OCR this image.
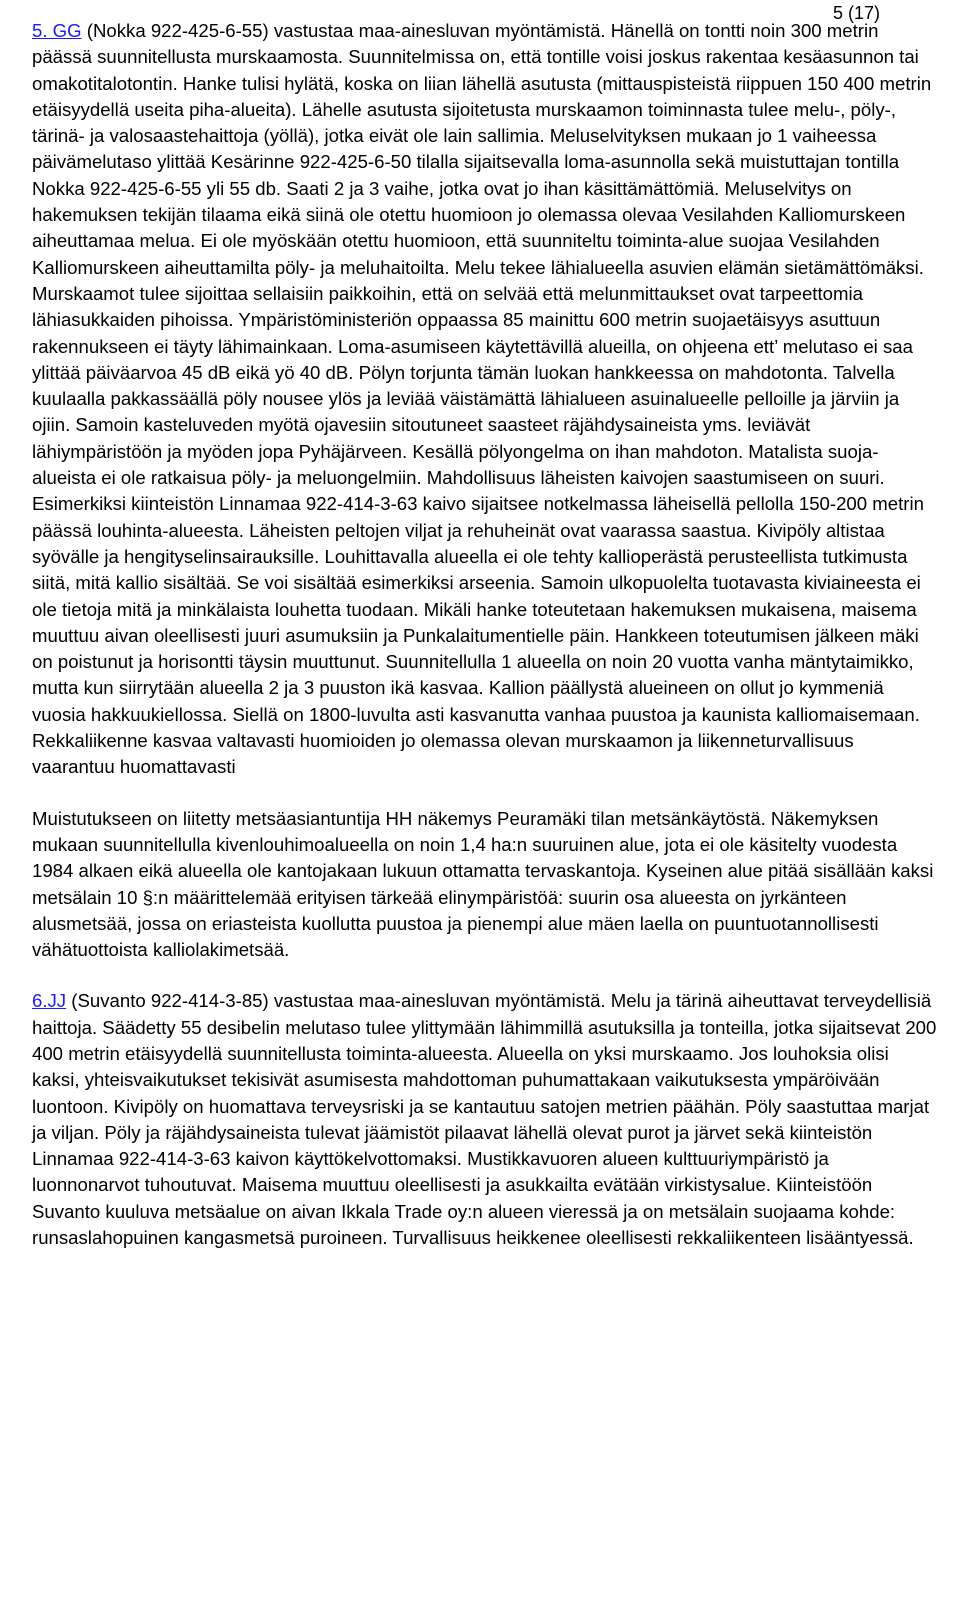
5 (17)

5. GG (Nokka 922-425-6-55) vastustaa maa-ainesluvan myöntämistä. Hänellä on tontti noin 300 metrin päässä suunnitellusta murskaamosta. Suunnitelmissa on, että tontille voisi joskus rakentaa kesäasunnon tai omakotitalotontin. Hanke tulisi hylätä, koska on liian lähellä asutusta (mittauspisteistä riippuen 150 400 metrin etäisyydellä useita piha-alueita). Lähelle asutusta sijoitetusta murskaamon toiminnasta tulee melu-, pöly-, tärinä- ja valosaastehaittoja (yöllä), jotka eivät ole lain sallimia. Meluselvityksen mukaan jo 1 vaiheessa päivämelutaso ylittää Kesärinne 922-425-6-50 tilalla sijaitsevalla loma-asunnolla sekä muistuttajan tontilla Nokka 922-425-6-55 yli 55 db. Saati 2 ja 3 vaihe, jotka ovat jo ihan käsittämättömiä. Meluselvitys on hakemuksen tekijän tilaama eikä siinä ole otettu huomioon jo olemassa olevaa Vesilahden Kalliomurskeen aiheuttamaa melua. Ei ole myöskään otettu huomioon, että suunniteltu toiminta-alue suojaa Vesilahden Kalliomurskeen aiheuttamilta pöly- ja meluhaitoilta. Melu tekee lähialueella asuvien elämän sietämättömäksi. Murskaamot tulee sijoittaa sellaisiin paikkoihin, että on selvää että melunmittaukset ovat tarpeettomia lähiasukkaiden pihoissa. Ympäristöministeriön oppaassa 85 mainittu 600 metrin suojaetäisyys asuttuun rakennukseen ei täyty lähimainkaan. Loma-asumiseen käytettävillä alueilla, on ohjeena ett’ melutaso ei saa ylittää päiväarvoa 45 dB eikä yö 40 dB. Pölyn torjunta tämän luokan hankkeessa on mahdotonta. Talvella kuulaalla pakkassäällä pöly nousee ylös ja leviää väistämättä lähialueen asuinalueelle pelloille ja järviin ja ojiin. Samoin kasteluveden myötä ojavesiin sitoutuneet saasteet räjähdysaineista yms. leviävät lähiympäristöön ja myöden jopa Pyhäjärveen. Kesällä pölyongelma on ihan mahdoton. Matalista suoja-alueista ei ole ratkaisua pöly- ja meluongelmiin. Mahdollisuus läheisten kaivojen saastumiseen on suuri. Esimerkiksi kiinteistön Linnamaa 922-414-3-63 kaivo sijaitsee notkelmassa läheisellä pellolla 150-200 metrin päässä louhinta-alueesta. Läheisten peltojen viljat ja rehuheinät ovat vaarassa saastua. Kivipöly altistaa syövälle ja hengityselinsairauksille. Louhittavalla alueella ei ole tehty kallioperästä perusteellista tutkimusta siitä, mitä kallio sisältää. Se voi sisältää esimerkiksi arseenia. Samoin ulkopuolelta tuotavasta kiviaineesta ei ole tietoja mitä ja minkälaista louhetta tuodaan. Mikäli hanke toteutetaan hakemuksen mukaisena, maisema muuttuu aivan oleellisesti juuri asumuksiin ja Punkalaitumentielle päin. Hankkeen toteutumisen jälkeen mäki on poistunut ja horisontti täysin muuttunut. Suunnitellulla 1 alueella on noin 20 vuotta vanha mäntytaimikko, mutta kun siirrytään alueella 2 ja 3 puuston ikä kasvaa. Kallion päällystä alueineen on ollut jo kymmeniä vuosia hakkuukiellossa. Siellä on 1800-luvulta asti kasvanutta vanhaa puustoa ja kaunista kalliomaisemaan. Rekkaliikenne kasvaa valtavasti huomioiden jo olemassa olevan murskaamon ja liikenneturvallisuus vaarantuu huomattavasti

Muistutukseen on liitetty metsäasiantuntija HH näkemys Peuramäki tilan metsänkäytöstä. Näkemyksen mukaan suunnitellulla kivenlouhimoalueella on noin 1,4 ha:n suuruinen alue, jota ei ole käsitelty vuodesta 1984 alkaen eikä alueella ole kantojakaan lukuun ottamatta tervaskantoja. Kyseinen alue pitää sisällään kaksi metsälain 10 §:n määrittelemää erityisen tärkeää elinympäristöä: suurin osa alueesta on jyrkänteen alusmetsää, jossa on eriasteista kuollutta puustoa ja pienempi alue mäen laella on puuntuotannollisesti vähätuottoista kalliolakimetsää.

6.JJ (Suvanto 922-414-3-85) vastustaa maa-ainesluvan myöntämistä. Melu ja tärinä aiheuttavat terveydellisiä haittoja. Säädetty 55 desibelin melutaso tulee ylittymään lähimmillä asutuksilla ja tonteilla, jotka sijaitsevat 200 400 metrin etäisyydellä suunnitellusta toiminta-alueesta. Alueella on yksi murskaamo. Jos louhoksia olisi kaksi, yhteisvaikutukset tekisivät asumisesta mahdottoman puhumattakaan vaikutuksesta ympäröivään luontoon. Kivipöly on huomattava terveysriski ja se kantautuu satojen metrien päähän. Pöly saastuttaa marjat ja viljan. Pöly ja räjähdysaineista tulevat jäämistöt pilaavat lähellä olevat purot ja järvet sekä kiinteistön Linnamaa 922-414-3-63 kaivon käyttökelvottomaksi. Mustikkavuoren alueen kulttuuriympäristö ja luonnonarvot tuhoutuvat. Maisema muuttuu oleellisesti ja asukkailta evätään virkistysalue. Kiinteistöön Suvanto kuuluva metsäalue on aivan Ikkala Trade oy:n alueen vieressä ja on metsälain suojaama kohde: runsaslahopuinen kangasmetsä puroineen. Turvallisuus heikkenee oleellisesti rekkaliikenteen lisääntyessä.
